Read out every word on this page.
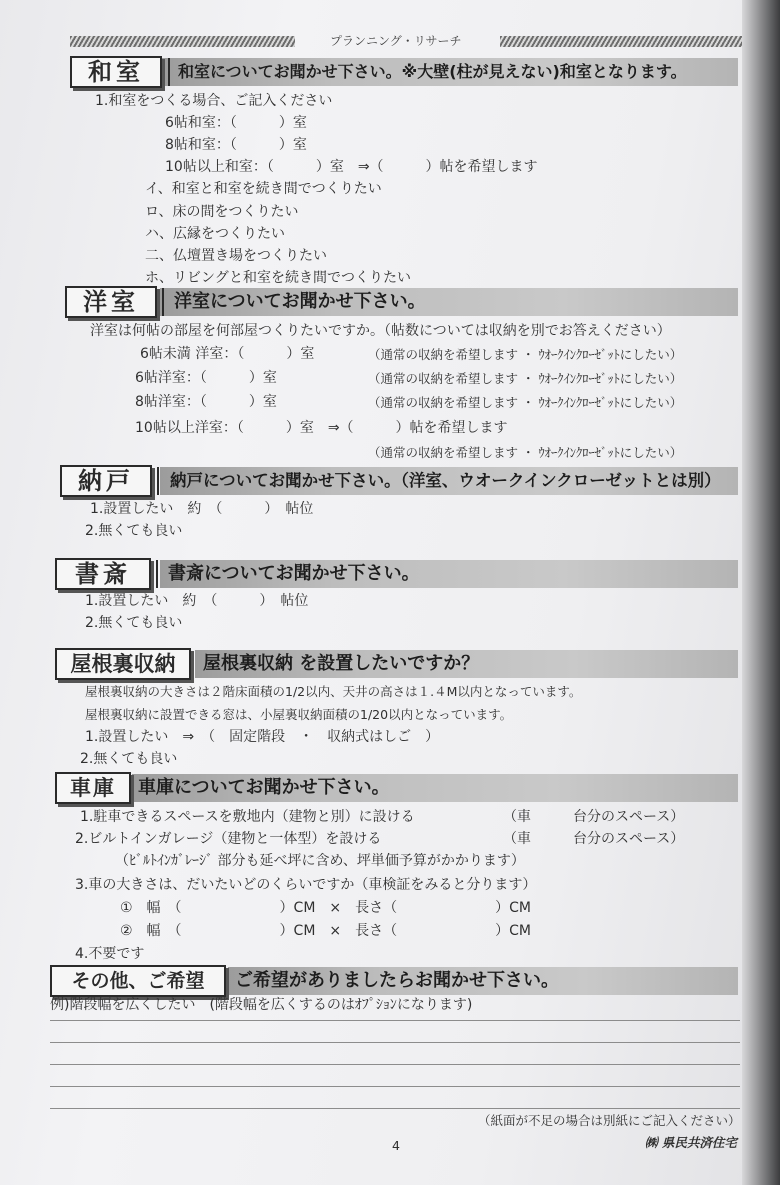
プランニング・リサーチ
和室	和室についてお聞かせ下さい。※大壁(柱が見えない)和室となります。
1.和室をつくる場合、ご記入ください
6帖和室：（　　　）室
8帖和室：（　　　）室
10帖以上和室：（　　　）室　⇒（　　　）帖を希望します
イ、和室と和室を続き間でつくりたい
ロ、床の間をつくりたい
ハ、広縁をつくりたい
二、仏壇置き場をつくりたい
ホ、リビングと和室を続き間でつくりたい
洋室	洋室についてお聞かせ下さい。
洋室は何帖の部屋を何部屋つくりたいですか。（帖数については収納を別でお答えください）
6帖未満 洋室：（　　　）室	（通常の収納を希望します ・ ｳｵｰｸｲﾝｸﾛｰｾﾞｯﾄにしたい）
6帖洋室：（　　　）室	（通常の収納を希望します ・ ｳｵｰｸｲﾝｸﾛｰｾﾞｯﾄにしたい）
8帖洋室：（　　　）室	（通常の収納を希望します ・ ｳｵｰｸｲﾝｸﾛｰｾﾞｯﾄにしたい）
10帖以上洋室：（　　　）室　⇒（　　　）帖を希望します
（通常の収納を希望します ・ ｳｵｰｸｲﾝｸﾛｰｾﾞｯﾄにしたい）
納戸	納戸についてお聞かせ下さい。（洋室、ウオークインクローゼットとは別）
1.設置したい　約　（　　　）　帖位
2.無くても良い
書斎	書斎についてお聞かせ下さい。
1.設置したい　約　（　　　）　帖位
2.無くても良い
屋根裏収納	屋根裏収納 を設置したいですか？
屋根裏収納の大きさは２階床面積の1/2以内、天井の高さは１.４M以内となっています。
屋根裏収納に設置できる窓は、小屋裏収納面積の1/20以内となっています。
1.設置したい　⇒　（　固定階段　・　収納式はしご　）
2.無くても良い
車庫	車庫についてお聞かせ下さい。
1.駐車できるスペースを敷地内（建物と別）に設ける	（車　　　台分のスペース）
2.ビルトインガレージ（建物と一体型）を設ける	（車　　　台分のスペース）
（ﾋﾞﾙﾄｲﾝｶﾞﾚｰｼﾞ 部分も延べ坪に含め、坪単価予算がかかります）
3.車の大きさは、だいたいどのくらいですか（車検証をみると分ります）
①　幅　（　　　　　　　）CM　×　長さ（　　　　　　　）CM
②　幅　（　　　　　　　）CM　×　長さ（　　　　　　　）CM
4.不要です
その他、ご希望	ご希望がありましたらお聞かせ下さい。
例)階段幅を広くしたい　(階段幅を広くするのはｵﾌﾟｼｮﾝになります)
（紙面が不足の場合は別紙にご記入ください）
4	㈱ 県民共済住宅
